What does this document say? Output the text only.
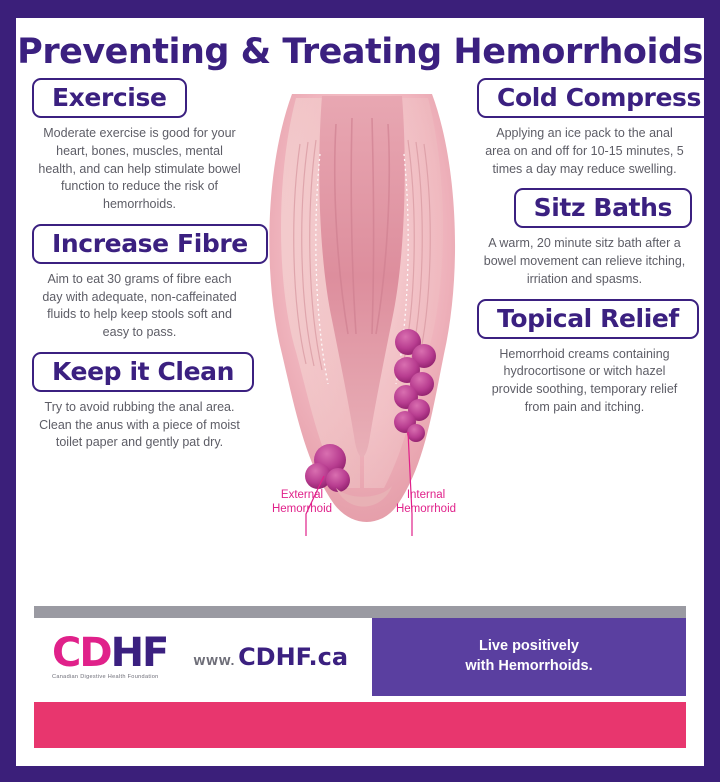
Preventing & Treating Hemorrhoids
Exercise
Moderate exercise is good for your heart, bones, muscles, mental health, and can help stimulate bowel function to reduce the risk of hemorrhoids.
Increase Fibre
Aim to eat 30 grams of fibre each day with adequate, non-caffeinated fluids to help keep stools soft and easy to pass.
Keep it Clean
Try to avoid rubbing the anal area. Clean the anus with a piece of moist toilet paper and gently pat dry.
Cold Compress
Applying an ice pack to the anal area on and off for 10-15 minutes, 5 times a day may reduce swelling.
Sitz Baths
A warm, 20 minute sitz bath after a bowel movement can relieve itching, irriation and spasms.
Topical Relief
Hemorrhoid creams containing hydrocortisone or witch hazel provide soothing, temporary relief from pain and itching.
External
Hemorrhoid
Internal
Hemorrhoid
CDHF
Canadian Digestive Health Foundation
WWW. CDHF.ca	Live positively
with Hemorrhoids.
